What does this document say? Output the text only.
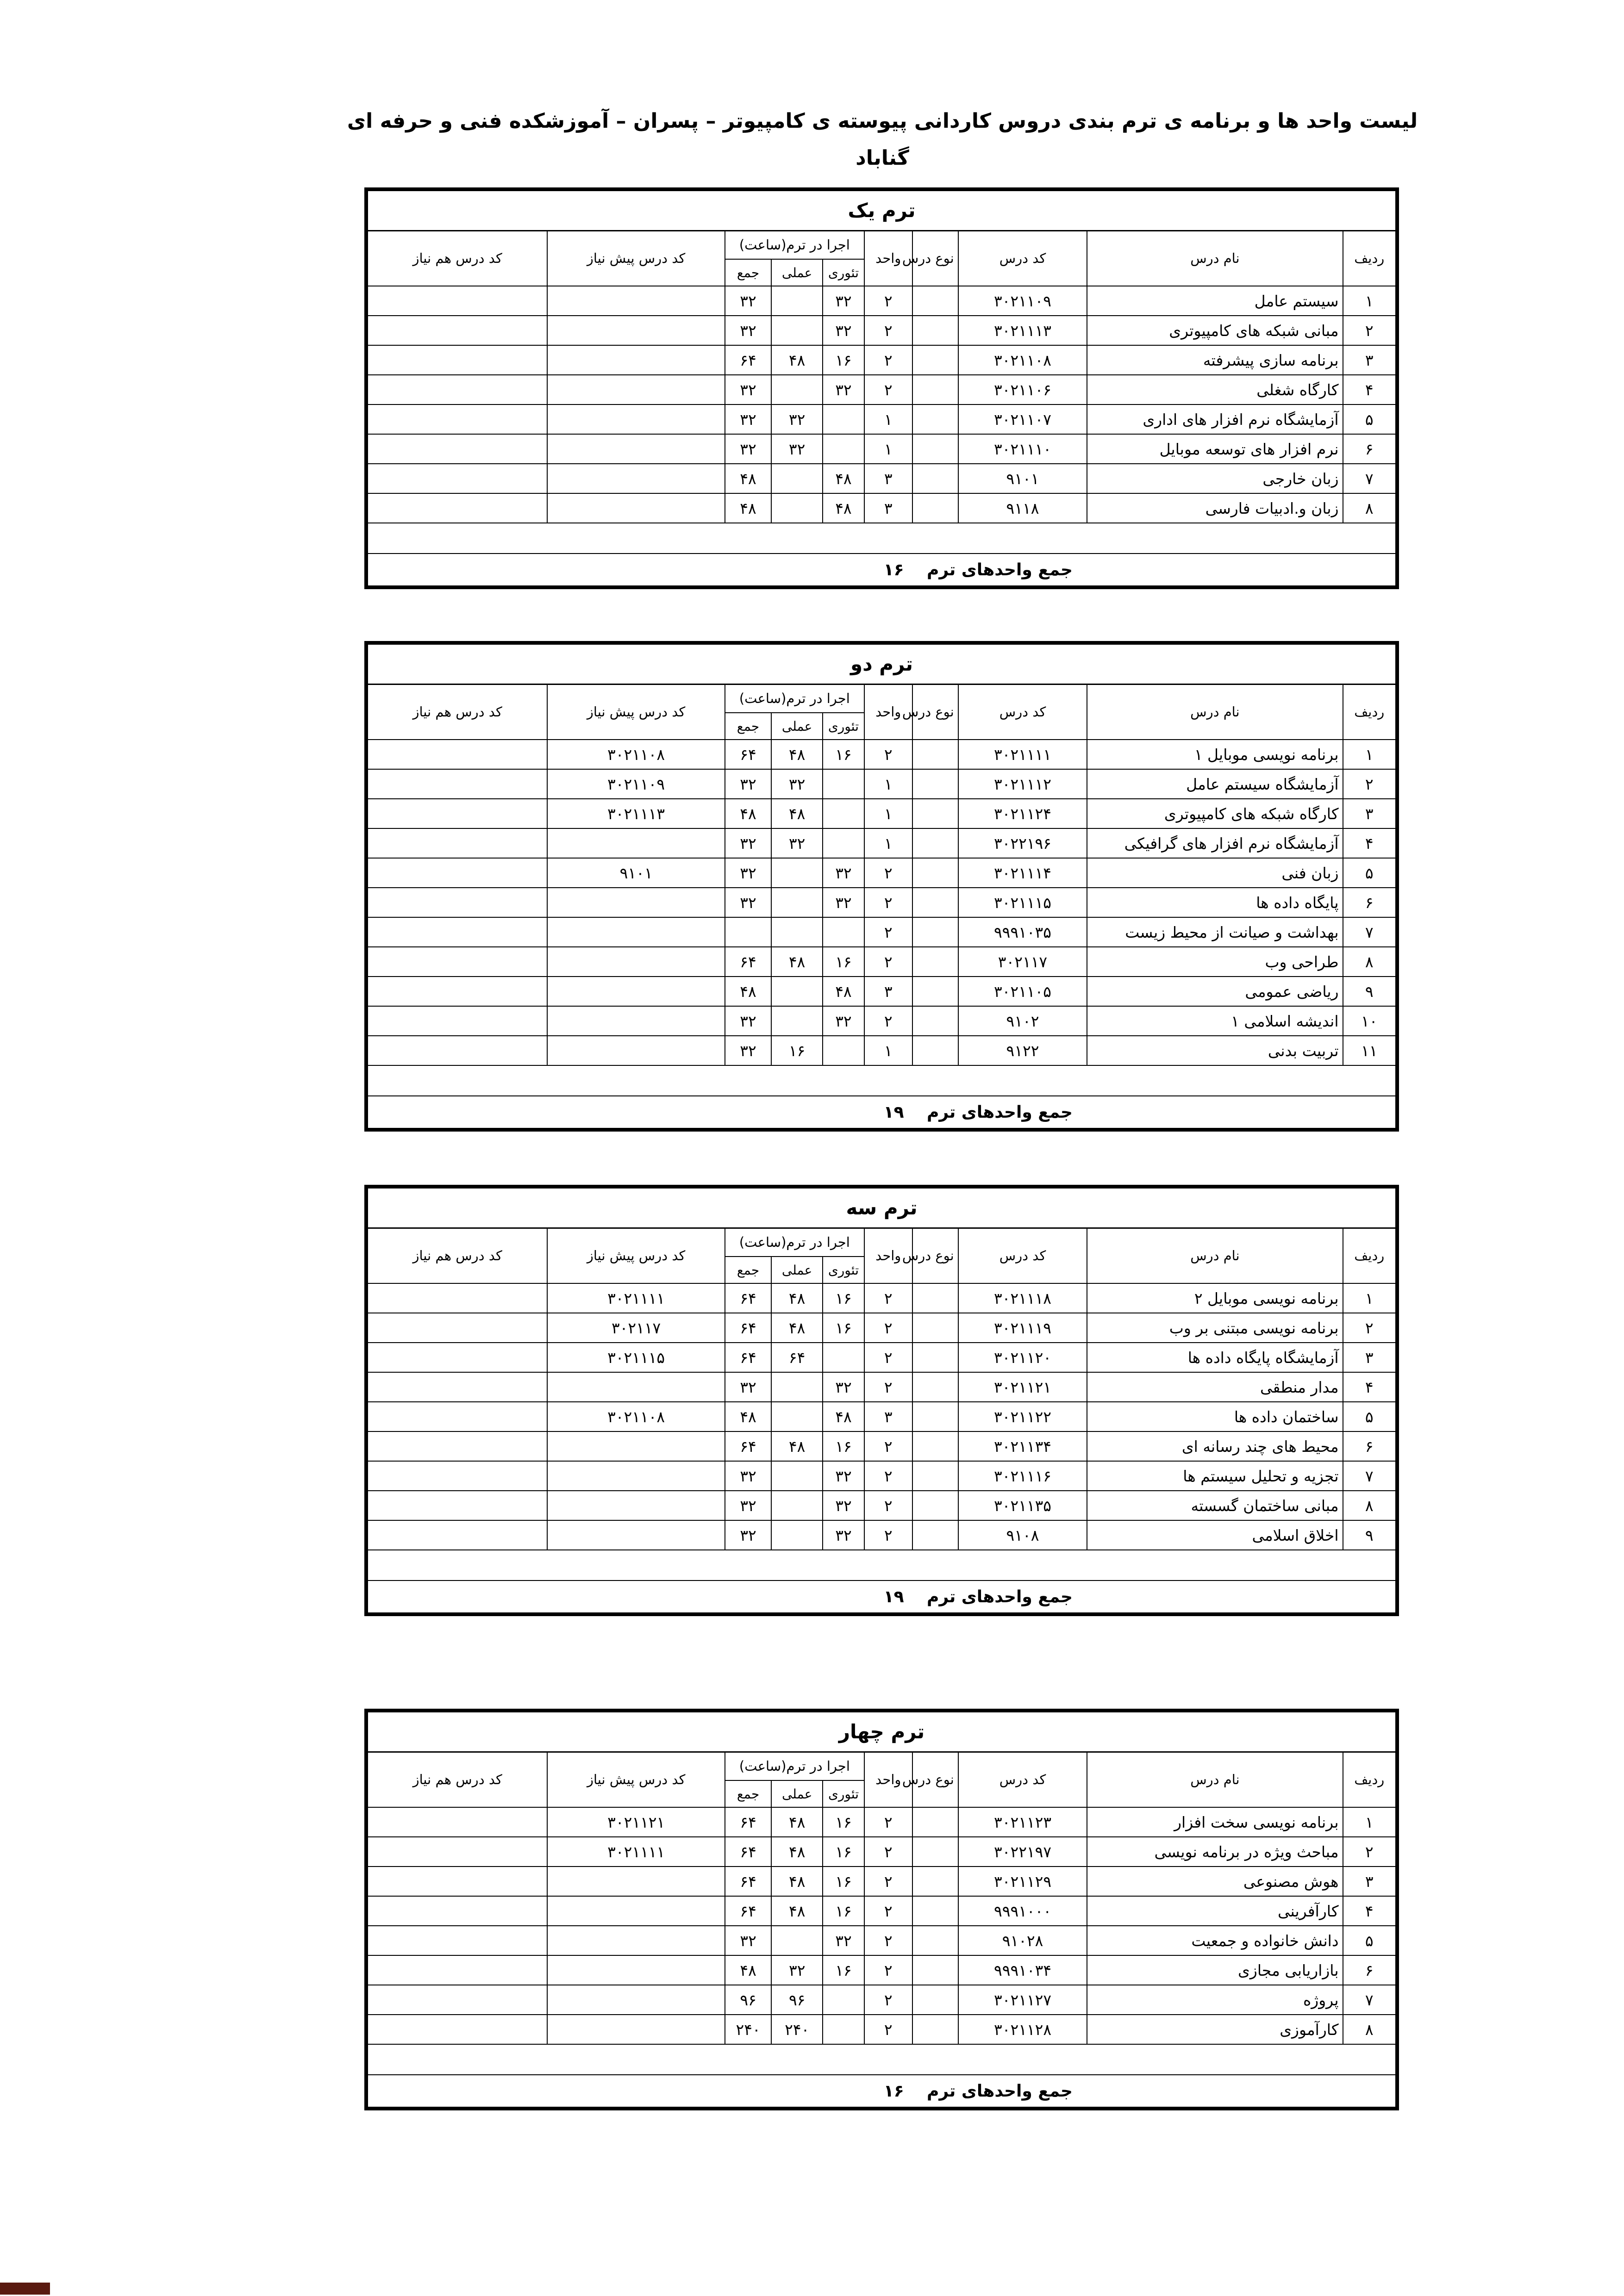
لیست واحد ها و برنامه ی ترم بندی دروس کاردانی پیوسته ی کامپیوتر – پسران – آموزشکده فنی و حرفه ای گناباد
ترم یک									
ردیف	نام درس	کد درس	نوع درس	واحد	اجرا در ترم(ساعت)			کد درس پیش نیاز	کد درس هم نیاز
					تئوری	عملی	جمع		
۱	سیستم عامل	۳۰۲۱۱۰۹		۲	۳۲		۳۲		
۲	مبانی شبکه های کامپیوتری	۳۰۲۱۱۱۳		۲	۳۲		۳۲		
۳	برنامه سازی پیشرفته	۳۰۲۱۱۰۸		۲	۱۶	۴۸	۶۴		
۴	کارگاه شغلی	۳۰۲۱۱۰۶		۲	۳۲		۳۲		
۵	آزمایشگاه نرم افزار های اداری	۳۰۲۱۱۰۷		۱		۳۲	۳۲		
۶	نرم افزار های توسعه موبایل	۳۰۲۱۱۱۰		۱		۳۲	۳۲		
۷	زبان خارجی	۹۱۰۱		۳	۴۸		۴۸		
۸	زبان و.ادبیات فارسی	۹۱۱۸		۳	۴۸		۴۸		

		جمع واحدهای ترم		۱۶					
ترم دو									
ردیف	نام درس	کد درس	نوع درس	واحد	اجرا در ترم(ساعت)			کد درس پیش نیاز	کد درس هم نیاز
					تئوری	عملی	جمع		
۱	برنامه نویسی موبایل ۱	۳۰۲۱۱۱۱		۲	۱۶	۴۸	۶۴	۳۰۲۱۱۰۸	
۲	آزمایشگاه سیستم عامل	۳۰۲۱۱۱۲		۱		۳۲	۳۲	۳۰۲۱۱۰۹	
۳	کارگاه شبکه های کامپیوتری	۳۰۲۱۱۲۴		۱		۴۸	۴۸	۳۰۲۱۱۱۳	
۴	آزمایشگاه نرم افزار های گرافیکی	۳۰۲۲۱۹۶		۱		۳۲	۳۲		
۵	زبان فنی	۳۰۲۱۱۱۴		۲	۳۲		۳۲	۹۱۰۱	
۶	پایگاه داده ها	۳۰۲۱۱۱۵		۲	۳۲		۳۲		
۷	بهداشت و صیانت از محیط زیست	۹۹۹۱۰۳۵		۲					
۸	طراحی وب	۳۰۲۱۱۷		۲	۱۶	۴۸	۶۴		
۹	ریاضی عمومی	۳۰۲۱۱۰۵		۳	۴۸		۴۸		
۱۰	اندیشه اسلامی ۱	۹۱۰۲		۲	۳۲		۳۲		
۱۱	تربیت بدنی	۹۱۲۲		۱		۱۶	۳۲		

		جمع واحدهای ترم		۱۹					
ترم سه									
ردیف	نام درس	کد درس	نوع درس	واحد	اجرا در ترم(ساعت)			کد درس پیش نیاز	کد درس هم نیاز
					تئوری	عملی	جمع		
۱	برنامه نویسی موبایل ۲	۳۰۲۱۱۱۸		۲	۱۶	۴۸	۶۴	۳۰۲۱۱۱۱	
۲	برنامه نویسی مبتنی بر وب	۳۰۲۱۱۱۹		۲	۱۶	۴۸	۶۴	۳۰۲۱۱۷	
۳	آزمایشگاه پایگاه داده ها	۳۰۲۱۱۲۰		۲		۶۴	۶۴	۳۰۲۱۱۱۵	
۴	مدار منطقی	۳۰۲۱۱۲۱		۲	۳۲		۳۲		
۵	ساختمان داده ها	۳۰۲۱۱۲۲		۳	۴۸		۴۸	۳۰۲۱۱۰۸	
۶	محیط های چند رسانه ای	۳۰۲۱۱۳۴		۲	۱۶	۴۸	۶۴		
۷	تجزیه و تحلیل سیستم ها	۳۰۲۱۱۱۶		۲	۳۲		۳۲		
۸	مبانی ساختمان گسسته	۳۰۲۱۱۳۵		۲	۳۲		۳۲		
۹	اخلاق اسلامی	۹۱۰۸		۲	۳۲		۳۲		

		جمع واحدهای ترم		۱۹					
ترم چهار									
ردیف	نام درس	کد درس	نوع درس	واحد	اجرا در ترم(ساعت)			کد درس پیش نیاز	کد درس هم نیاز
					تئوری	عملی	جمع		
۱	برنامه نویسی سخت افزار	۳۰۲۱۱۲۳		۲	۱۶	۴۸	۶۴	۳۰۲۱۱۲۱	
۲	مباحث ویژه در برنامه نویسی	۳۰۲۲۱۹۷		۲	۱۶	۴۸	۶۴	۳۰۲۱۱۱۱	
۳	هوش مصنوعی	۳۰۲۱۱۲۹		۲	۱۶	۴۸	۶۴		
۴	کارآفرینی	۹۹۹۱۰۰۰		۲	۱۶	۴۸	۶۴		
۵	دانش خانواده و جمعیت	۹۱۰۲۸		۲	۳۲		۳۲		
۶	بازاریابی مجازی	۹۹۹۱۰۳۴		۲	۱۶	۳۲	۴۸		
۷	پروژه	۳۰۲۱۱۲۷		۲		۹۶	۹۶		
۸	کارآموزی	۳۰۲۱۱۲۸		۲		۲۴۰	۲۴۰		

		جمع واحدهای ترم		۱۶					
